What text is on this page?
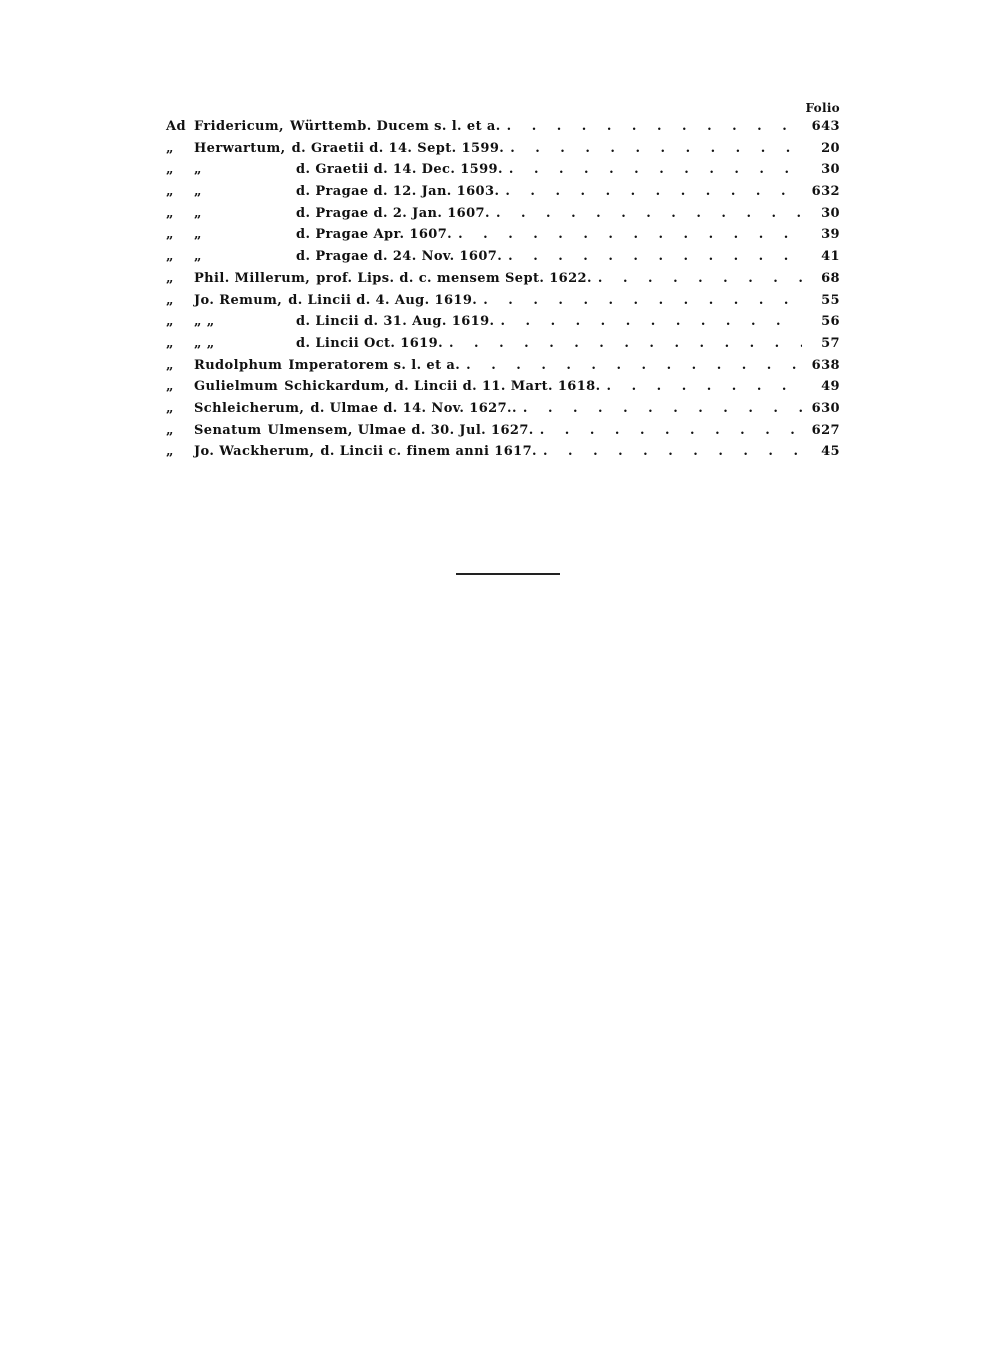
Folio
Ad Fridericum, Württemb. Ducem s. l. et a. . . .	643
„	Herwartum, d. Graetii d. 14. Sept. 1599. . . .	20
„	„	d. Graetii d. 14. Dec. 1599. . . .	30
„	„	d. Pragae d. 12. Jan. 1603. . . .	632
„	„	d. Pragae d. 2. Jan. 1607. . . .	30
„	„	d. Pragae Apr. 1607. . . .	39
„	„	d. Pragae d. 24. Nov. 1607. . . .	41
„	Phil. Millerum, prof. Lips. d. c. mensem Sept. 1622. . . .	68
„	Jo. Remum, d. Lincii d. 4. Aug. 1619. . . .	55
„	„ „	d. Lincii d. 31. Aug. 1619. . . .	56
„	„ „	d. Lincii Oct. 1619. . . .	57
„	Rudolphum Imperatorem s. l. et a. . . .	638
„	Gulielmum Schickardum, d. Lincii d. 11. Mart. 1618. . . .	49
„	Schleicherum, d. Ulmae d. 14. Nov. 1627.. . . .	630
„	Senatum Ulmensem, Ulmae d. 30. Jul. 1627. . . .	627
„	Jo. Wackherum, d. Lincii c. finem anni 1617. . . .	45
